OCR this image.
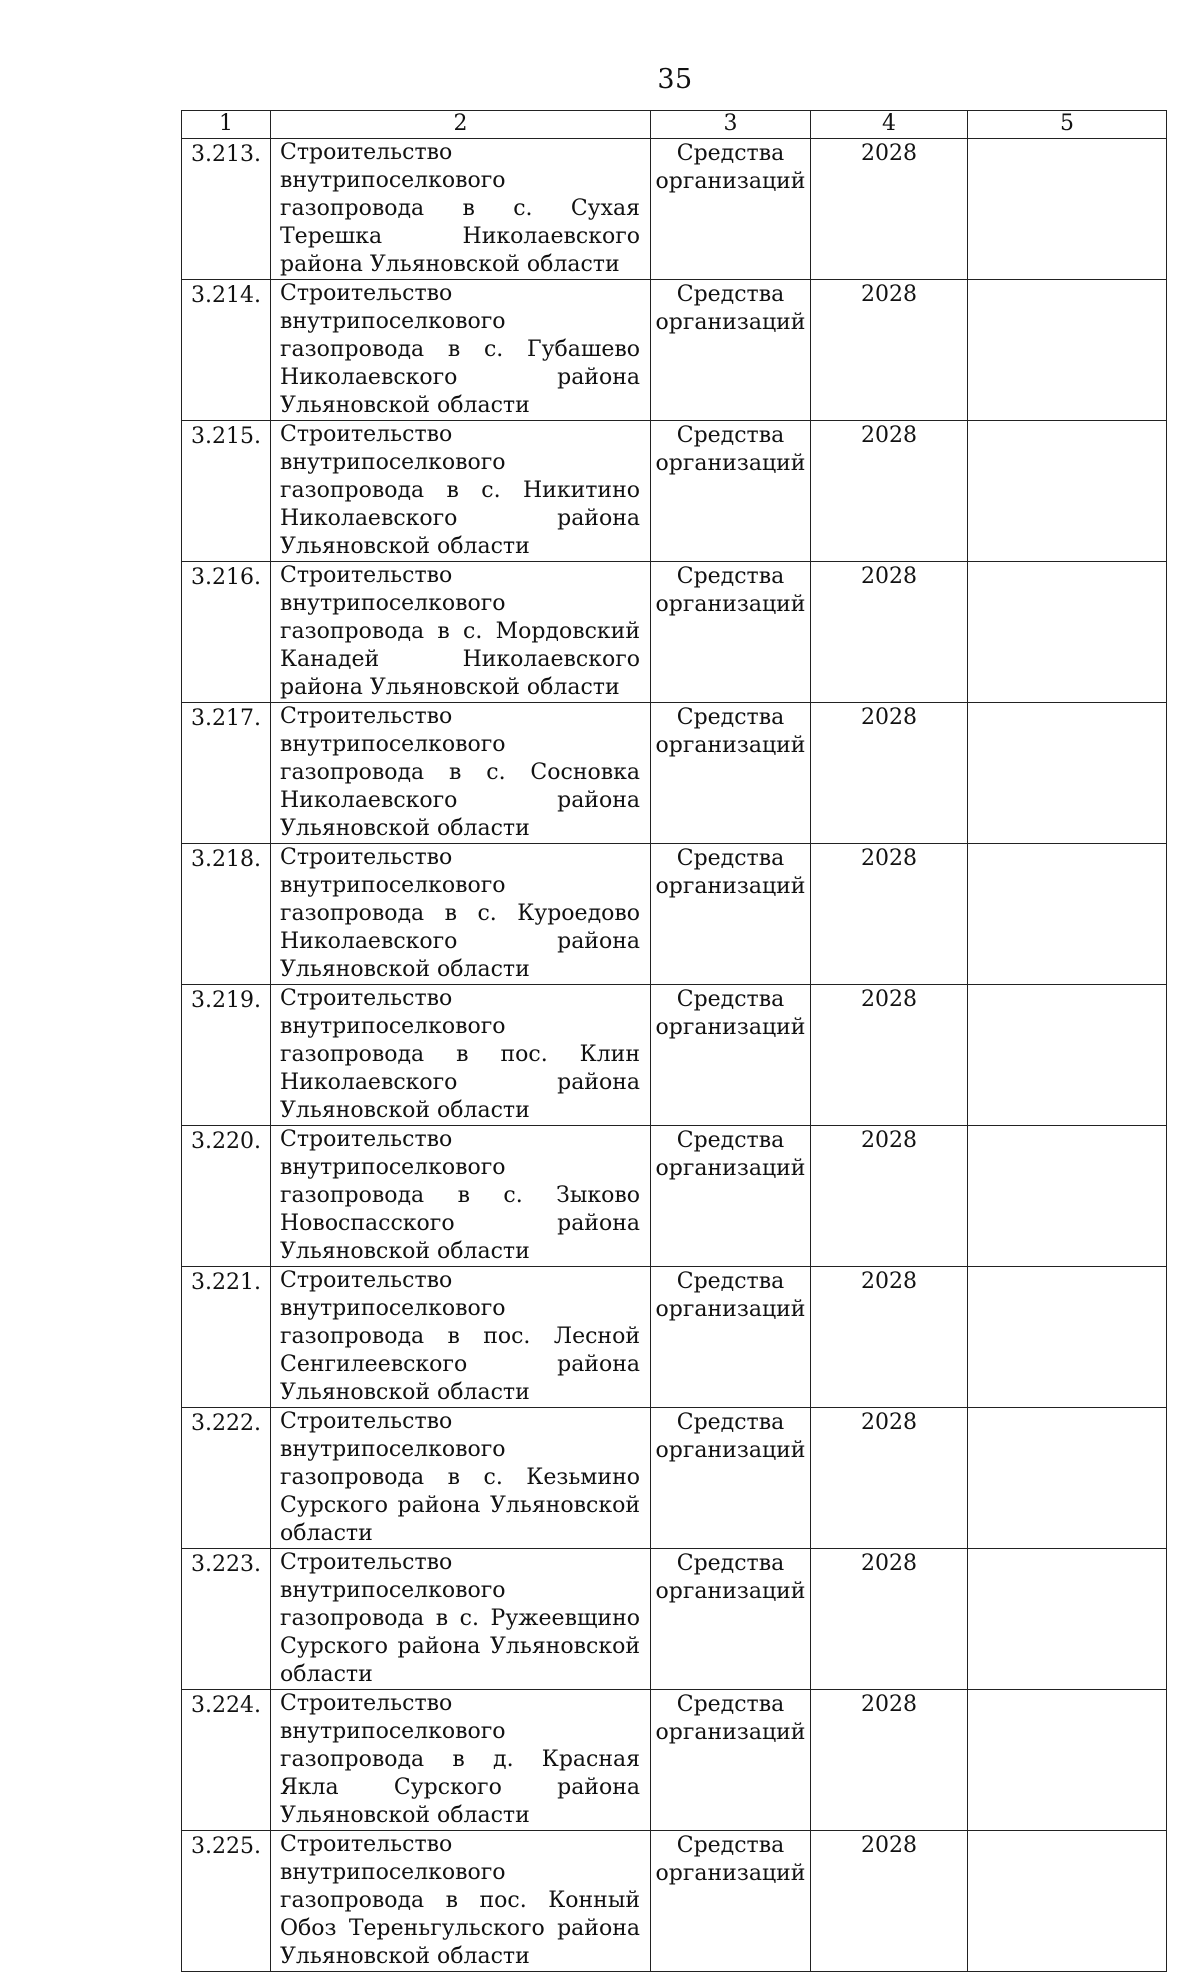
35
1	2	3	4	5
3.213.	Строительство внутрипоселкового газопровода в с. Сухая Терешка Николаевского района Ульяновской области	Средства организаций	2028	
3.214.	Строительство внутрипоселкового газопровода в с. Губашево Николаевского района Ульяновской области	Средства организаций	2028	
3.215.	Строительство внутрипоселкового газопровода в с. Никитино Николаевского района Ульяновской области	Средства организаций	2028	
3.216.	Строительство внутрипоселкового газопровода в с. Мордовский Канадей Николаевского района Ульяновской области	Средства организаций	2028	
3.217.	Строительство внутрипоселкового газопровода в с. Сосновка Николаевского района Ульяновской области	Средства организаций	2028	
3.218.	Строительство внутрипоселкового газопровода в с. Куроедово Николаевского района Ульяновской области	Средства организаций	2028	
3.219.	Строительство внутрипоселкового газопровода в пос. Клин Николаевского района Ульяновской области	Средства организаций	2028	
3.220.	Строительство внутрипоселкового газопровода в с. Зыково Новоспасского района Ульяновской области	Средства организаций	2028	
3.221.	Строительство внутрипоселкового газопровода в пос. Лесной Сенгилеевского района Ульяновской области	Средства организаций	2028	
3.222.	Строительство внутрипоселкового газопровода в с. Кезьмино Сурского района Ульяновской области	Средства организаций	2028	
3.223.	Строительство внутрипоселкового газопровода в с. Ружеевщино Сурского района Ульяновской области	Средства организаций	2028	
3.224.	Строительство внутрипоселкового газопровода в д. Красная Якла Сурского района Ульяновской области	Средства организаций	2028	
3.225.	Строительство внутрипоселкового газопровода в пос. Конный Обоз Тереньгульского района Ульяновской области	Средства организаций	2028	
